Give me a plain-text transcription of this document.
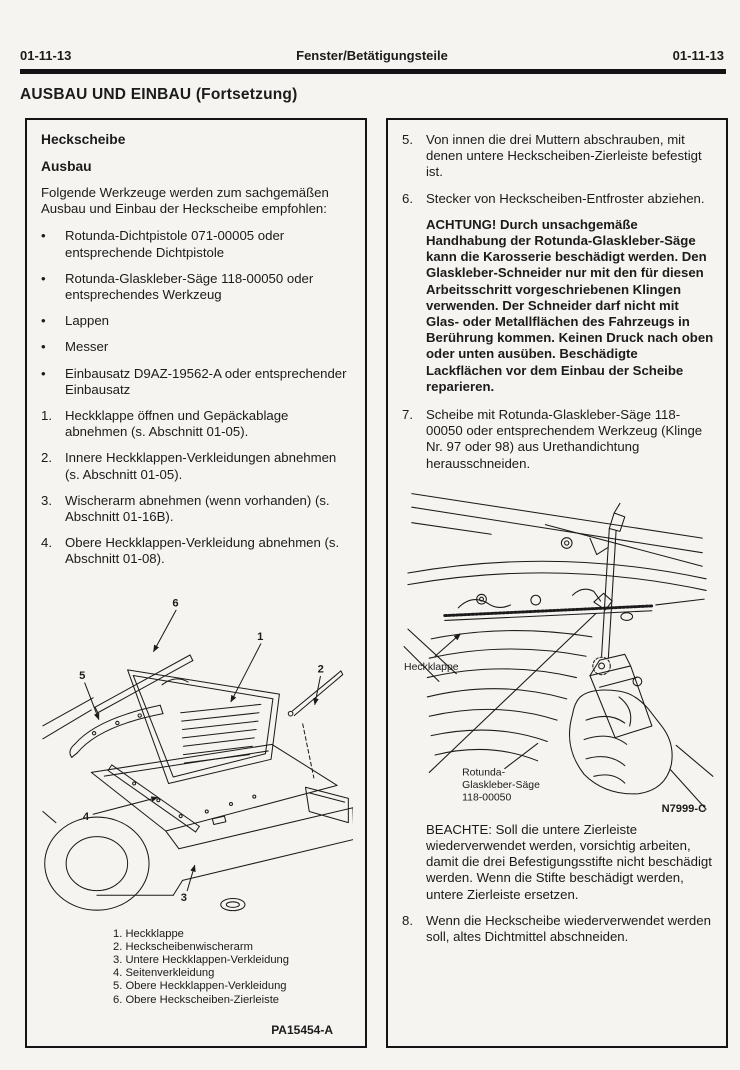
01-11-13	Fenster/Betätigungsteile	01-11-13
AUSBAU UND EINBAU (Fortsetzung)
Heckscheibe
Ausbau

Folgende Werkzeuge werden zum sachgemäßen Ausbau und Einbau der Heckscheibe empfohlen:

•	Rotunda-Dichtpistole 071-00005 oder entsprechende Dichtpistole
•	Rotunda-Glaskleber-Säge 118-00050 oder entsprechendes Werkzeug
•	Lappen
•	Messer
•	Einbausatz D9AZ-19562-A oder entsprechender Einbausatz
1. Heckklappe öffnen und Gepäckablage abnehmen (s. Abschnitt 01-05).
2. Innere Heckklappen-Verkleidungen abnehmen (s. Abschnitt 01-05).
3. Wischerarm abnehmen (wenn vorhanden) (s. Abschnitt 01-16B).
4. Obere Heckklappen-Verkleidung abnehmen (s. Abschnitt 01-08).
6
1
2
5
4
3
1. Heckklappe
2. Heckscheibenwischerarm
3. Untere Heckklappen-Verkleidung
4. Seitenverkleidung
5. Obere Heckklappen-Verkleidung
6. Obere Heckscheiben-Zierleiste
PA15454-A
5. Von innen die drei Muttern abschrauben, mit denen untere Heckscheiben-Zierleiste befestigt ist.
6. Stecker von Heckscheiben-Entfroster abziehen.

ACHTUNG! Durch unsachgemäße Handhabung der Rotunda-Glaskleber-Säge kann die Karosserie beschädigt werden. Den Glaskleber-Schneider nur mit den für diesen Arbeitsschritt vorgeschriebenen Klingen verwenden. Der Schneider darf nicht mit Glas- oder Metallflächen des Fahrzeugs in Berührung kommen. Keinen Druck nach oben oder unten ausüben. Beschädigte Lackflächen vor dem Einbau der Scheibe reparieren.

7. Scheibe mit Rotunda-Glaskleber-Säge 118-00050 oder entsprechendem Werkzeug (Klinge Nr. 97 oder 98) aus Urethandichtung herausschneiden.
Heckklappe
Rotunda-
Glaskleber-Säge
118-00050
N7999-C

BEACHTE: Soll die untere Zierleiste wiederverwendet werden, vorsichtig arbeiten, damit die drei Befestigungsstifte nicht beschädigt werden. Wenn die Stifte beschädigt werden, untere Zierleiste ersetzen.

8. Wenn die Heckscheibe wiederverwendet werden soll, altes Dichtmittel abschneiden.
